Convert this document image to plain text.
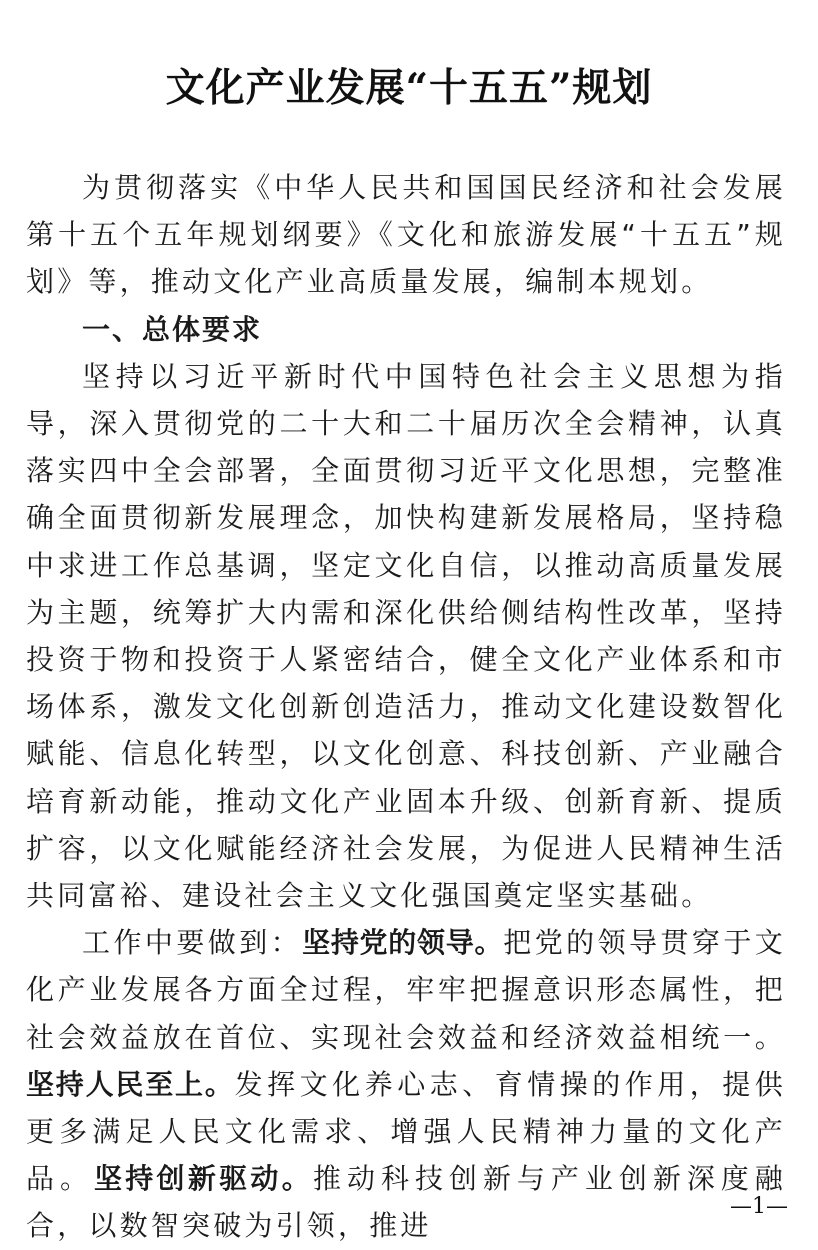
文化产业发展“十五五”规划

为贯彻落实《中华人民共和国国民经济和社会发展第十五个五年规划纲要》《文化和旅游发展“十五五”规划》等，推动文化产业高质量发展，编制本规划。

一、总体要求

坚持以习近平新时代中国特色社会主义思想为指导，深入贯彻党的二十大和二十届历次全会精神，认真落实四中全会部署，全面贯彻习近平文化思想，完整准确全面贯彻新发展理念，加快构建新发展格局，坚持稳中求进工作总基调，坚定文化自信，以推动高质量发展为主题，统筹扩大内需和深化供给侧结构性改革，坚持投资于物和投资于人紧密结合，健全文化产业体系和市场体系，激发文化创新创造活力，推动文化建设数智化赋能、信息化转型，以文化创意、科技创新、产业融合培育新动能，推动文化产业固本升级、创新育新、提质扩容，以文化赋能经济社会发展，为促进人民精神生活共同富裕、建设社会主义文化强国奠定坚实基础。

工作中要做到：坚持党的领导。把党的领导贯穿于文化产业发展各方面全过程，牢牢把握意识形态属性，把社会效益放在首位、实现社会效益和经济效益相统一。坚持人民至上。发挥文化养心志、育情操的作用，提供更多满足人民文化需求、增强人民精神力量的文化产品。坚持创新驱动。推动科技创新与产业创新深度融合，以数智突破为引领，推进

—1—
